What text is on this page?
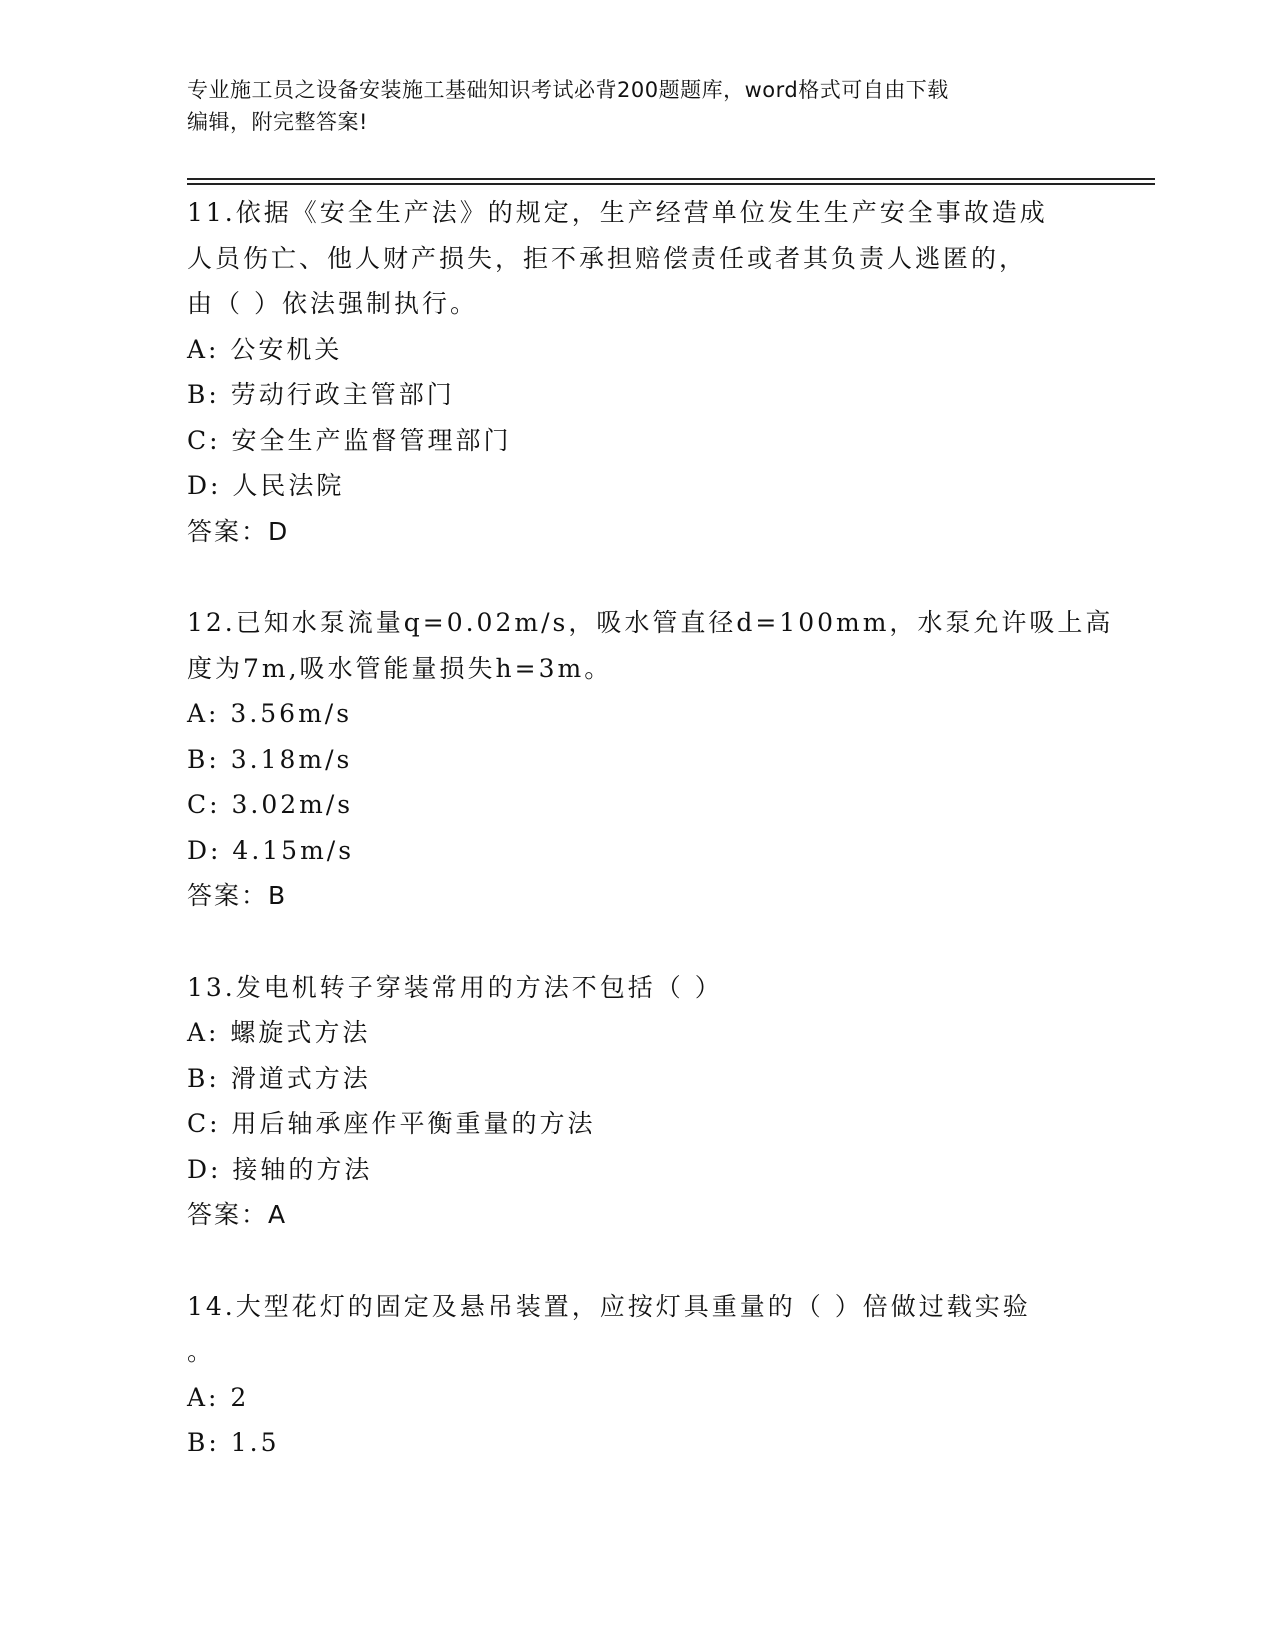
专业施工员之设备安装施工基础知识考试必背200题题库，word格式可自由下载
编辑，附完整答案!
11.依据《安全生产法》的规定，生产经营单位发生生产安全事故造成
人员伤亡、他人财产损失，拒不承担赔偿责任或者其负责人逃匿的，
由（ ）依法强制执行。
A: 公安机关
B: 劳动行政主管部门
C: 安全生产监督管理部门
D: 人民法院
答案：D
12.已知水泵流量q=0.02m/s，吸水管直径d=100mm，水泵允许吸上高
度为7m,吸水管能量损失h=3m。
A: 3.56m/s
B: 3.18m/s
C: 3.02m/s
D: 4.15m/s
答案：B
13.发电机转子穿装常用的方法不包括（ ）
A: 螺旋式方法
B: 滑道式方法
C: 用后轴承座作平衡重量的方法
D: 接轴的方法
答案：A
14.大型花灯的固定及悬吊装置，应按灯具重量的（ ）倍做过载实验
。
A: 2
B: 1.5
